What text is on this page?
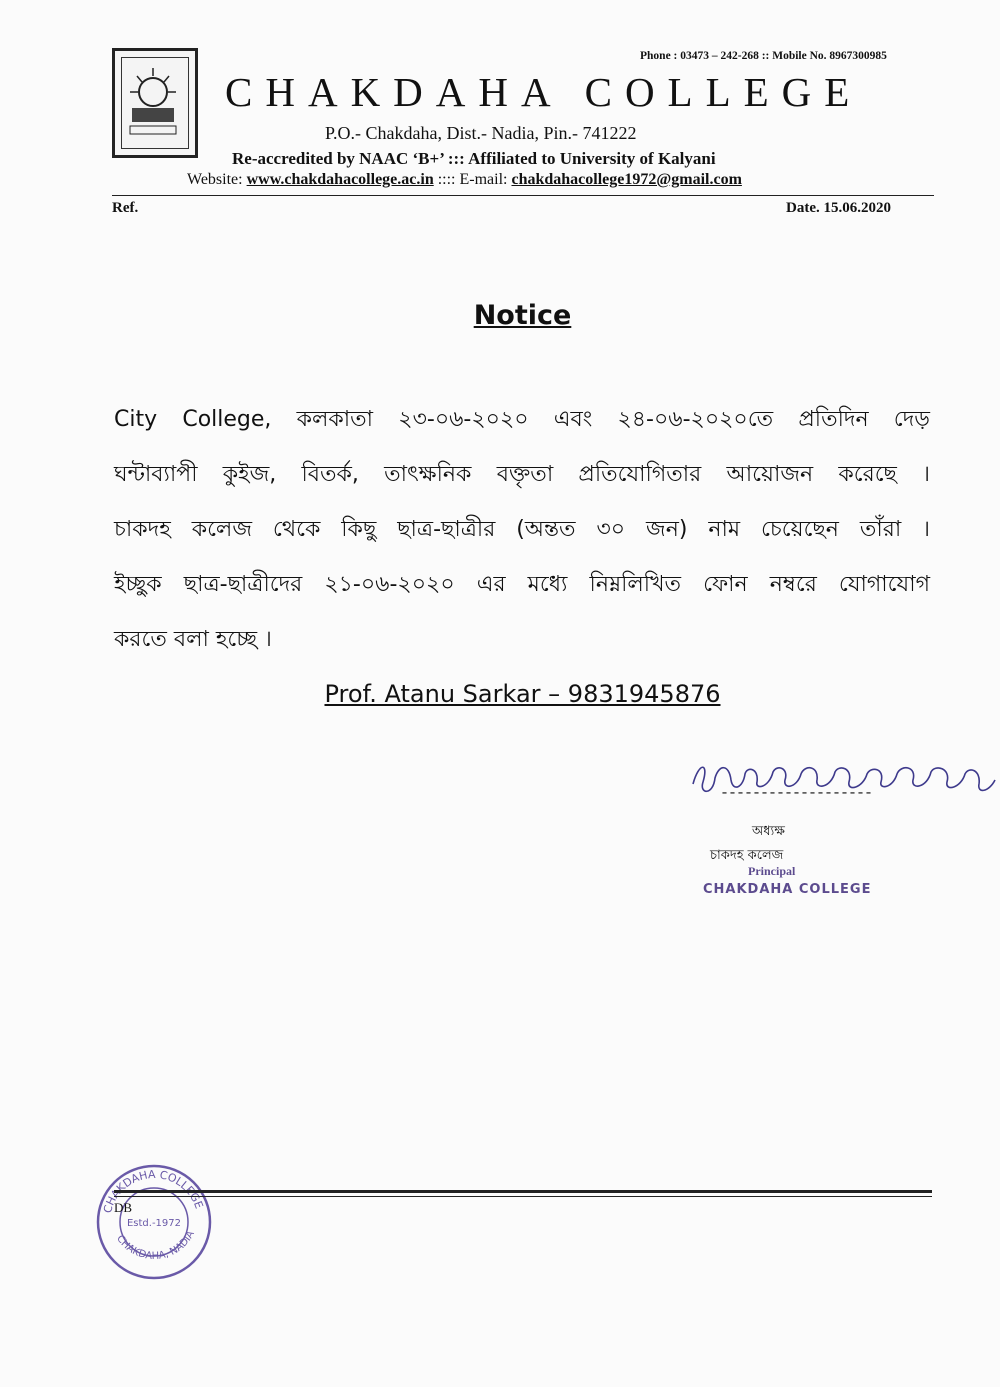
Phone : 03473 – 242-268 :: Mobile No. 8967300985
CHAKDAHA COLLEGE
P.O.- Chakdaha, Dist.- Nadia, Pin.- 741222
Re-accredited by NAAC ‘B+’ ::: Affiliated to University of Kalyani
Website: www.chakdahacollege.ac.in :::: E-mail: chakdahacollege1972@gmail.com
Ref.	Date. 15.06.2020
Notice
City College, কলকাতা ২৩-০৬-২০২০ এবং ২৪-০৬-২০২০তে প্রতিদিন দেড়
ঘন্টাব্যাপী কুইজ, বিতর্ক, তাৎক্ষনিক বক্তৃতা প্রতিযোগিতার আয়োজন করেছে ।
চাকদহ কলেজ থেকে কিছু ছাত্র-ছাত্রীর (অন্তত ৩০ জন) নাম চেয়েছেন তাঁরা ।
ইচ্ছুক ছাত্র-ছাত্রীদের ২১-০৬-২০২০ এর মধ্যে নিম্নলিখিত ফোন নম্বরে যোগাযোগ
করতে বলা হচ্ছে ।
Prof. Atanu Sarkar – 9831945876
-------------------
অধ্যক্ষ
চাকদহ কলেজ
Principal
CHAKDAHA COLLEGE
CHAKDAHA COLLEGE
CHAKDAHA, NADIA
Estd.-1972
DB
